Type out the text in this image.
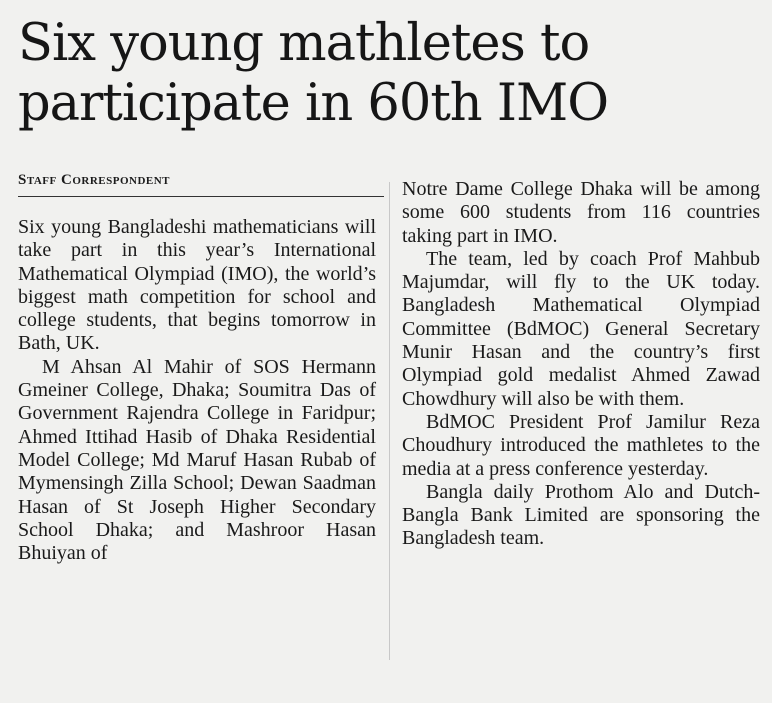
Six young mathletes to participate in 60th IMO
Staff Correspondent

Six young Bangladeshi mathematicians will take part in this year’s International Mathematical Olympiad (IMO), the world’s biggest math competition for school and college students, that begins tomorrow in Bath, UK.

M Ahsan Al Mahir of SOS Hermann Gmeiner College, Dhaka; Soumitra Das of Government Rajendra College in Faridpur; Ahmed Ittihad Hasib of Dhaka Residential Model College; Md Maruf Hasan Rubab of Mymensingh Zilla School; Dewan Saadman Hasan of St Joseph Higher Secondary School Dhaka; and Mashroor Hasan Bhuiyan of

Notre Dame College Dhaka will be among some 600 students from 116 countries taking part in IMO.

The team, led by coach Prof Mahbub Majumdar, will fly to the UK today. Bangladesh Mathematical Olympiad Committee (BdMOC) General Secretary Munir Hasan and the country’s first Olympiad gold medalist Ahmed Zawad Chowdhury will also be with them.

BdMOC President Prof Jamilur Reza Choudhury introduced the mathletes to the media at a press conference yesterday.

Bangla daily Prothom Alo and Dutch-Bangla Bank Limited are sponsoring the Bangladesh team.
